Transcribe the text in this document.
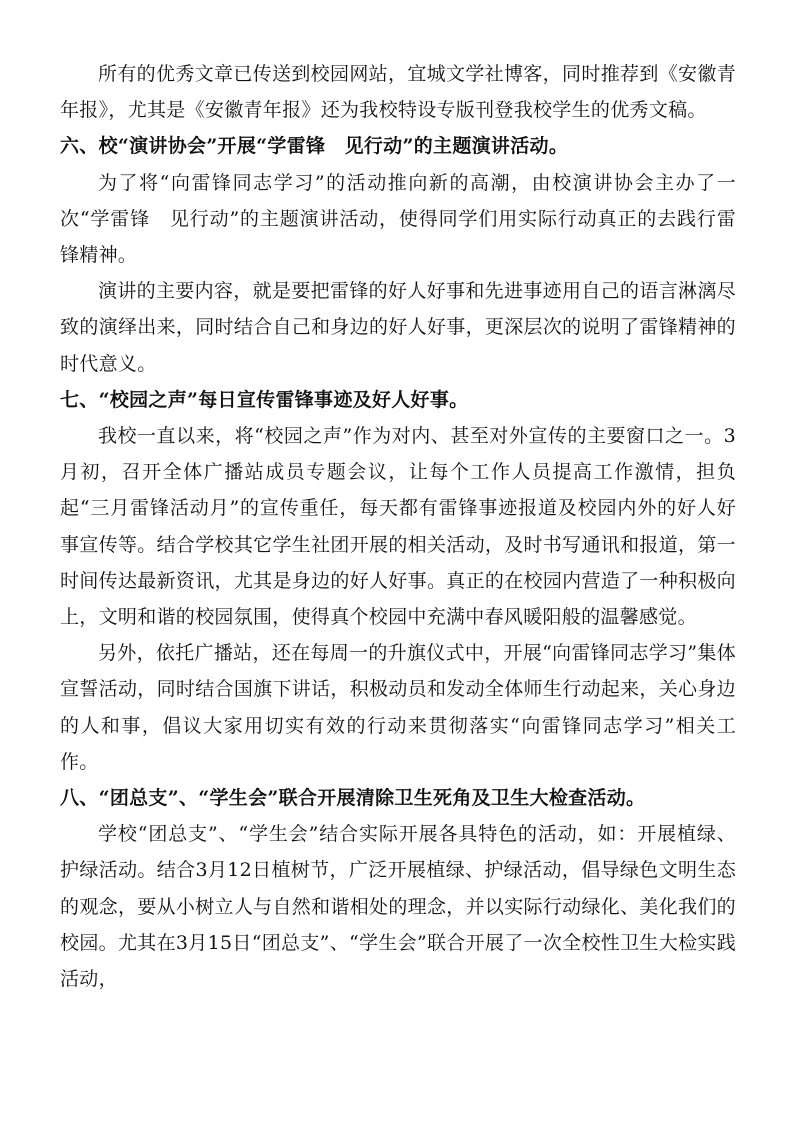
所有的优秀文章已传送到校园网站，宜城文学社博客，同时推荐到《安徽青年报》，尤其是《安徽青年报》还为我校特设专版刊登我校学生的优秀文稿。

六、校“演讲协会”开展“学雷锋　见行动”的主题演讲活动。

为了将“向雷锋同志学习”的活动推向新的高潮，由校演讲协会主办了一次“学雷锋　见行动”的主题演讲活动，使得同学们用实际行动真正的去践行雷锋精神。

演讲的主要内容，就是要把雷锋的好人好事和先进事迹用自己的语言淋漓尽致的演绎出来，同时结合自己和身边的好人好事，更深层次的说明了雷锋精神的时代意义。

七、“校园之声”每日宣传雷锋事迹及好人好事。

我校一直以来，将“校园之声”作为对内、甚至对外宣传的主要窗口之一。3月初，召开全体广播站成员专题会议，让每个工作人员提高工作激情，担负起“三月雷锋活动月”的宣传重任，每天都有雷锋事迹报道及校园内外的好人好事宣传等。结合学校其它学生社团开展的相关活动，及时书写通讯和报道，第一时间传达最新资讯，尤其是身边的好人好事。真正的在校园内营造了一种积极向上，文明和谐的校园氛围，使得真个校园中充满中春风暖阳般的温馨感觉。

另外，依托广播站，还在每周一的升旗仪式中，开展“向雷锋同志学习”集体宣誓活动，同时结合国旗下讲话，积极动员和发动全体师生行动起来，关心身边的人和事，倡议大家用切实有效的行动来贯彻落实“向雷锋同志学习”相关工作。

八、“团总支”、“学生会”联合开展清除卫生死角及卫生大检查活动。

学校“团总支”、“学生会”结合实际开展各具特色的活动，如：开展植绿、护绿活动。结合3月12日植树节，广泛开展植绿、护绿活动，倡导绿色文明生态的观念，要从小树立人与自然和谐相处的理念，并以实际行动绿化、美化我们的校园。尤其在3月15日“团总支”、“学生会”联合开展了一次全校性卫生大检实践活动，
